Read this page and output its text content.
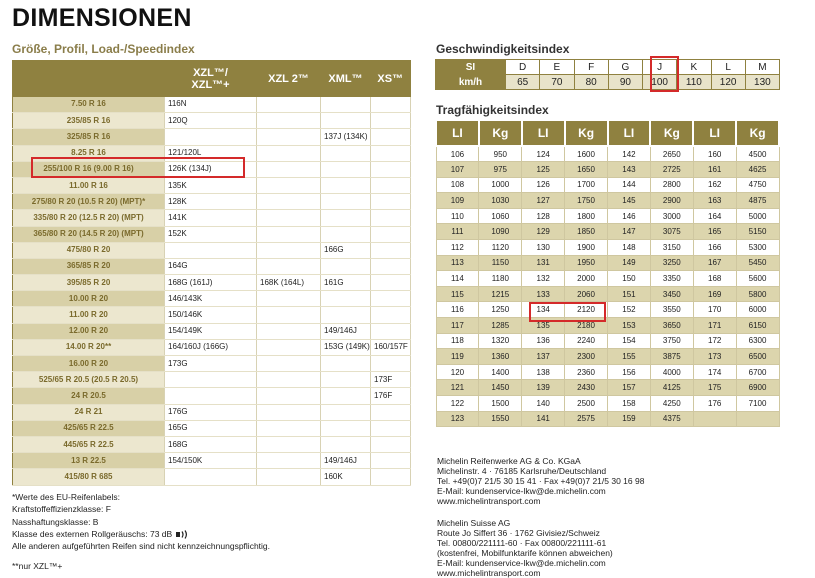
DIMENSIONEN
Größe, Profil, Load-/Speedindex
	XZL™/
XZL™+	XZL 2™	XML™	XS™
7.50 R 16	116N			
235/85 R 16	120Q			
325/85 R 16			137J (134K)	
8.25 R 16	121/120L			
255/100 R 16 (9.00 R 16)	126K (134J)			
11.00 R 16	135K			
275/80 R 20 (10.5 R 20) (MPT)*	128K			
335/80 R 20 (12.5 R 20) (MPT)	141K			
365/80 R 20 (14.5 R 20) (MPT)	152K			
475/80 R 20			166G	
365/85 R 20	164G			
395/85 R 20	168G (161J)	168K (164L)	161G	
10.00 R 20	146/143K			
11.00 R 20	150/146K			
12.00 R 20	154/149K		149/146J	
14.00 R 20**	164/160J (166G)		153G (149K)	160/157F
16.00 R 20	173G			
525/65 R 20.5 (20.5 R 20.5)				173F
24 R 20.5				176F
24 R 21	176G			
425/65 R 22.5	165G			
445/65 R 22.5	168G			
13 R 22.5	154/150K		149/146J	
415/80 R 685			160K	
*Werte des EU-Reifenlabels:
Kraftstoffeffizienzklasse: F
Nasshaftungsklasse: B
Klasse des externen Rollgeräuschs: 73 dB
Alle anderen aufgeführten Reifen sind nicht kennzeichnungspflichtig.
**nur XZL™+
Geschwindigkeitsindex
SI	D	E	F	G	J	K	L	M
km/h	65	70	80	90	100	110	120	130
Tragfähigkeitsindex
LI	Kg	LI	Kg	LI	Kg	LI	Kg
106	950	124	1600	142	2650	160	4500
107	975	125	1650	143	2725	161	4625
108	1000	126	1700	144	2800	162	4750
109	1030	127	1750	145	2900	163	4875
110	1060	128	1800	146	3000	164	5000
111	1090	129	1850	147	3075	165	5150
112	1120	130	1900	148	3150	166	5300
113	1150	131	1950	149	3250	167	5450
114	1180	132	2000	150	3350	168	5600
115	1215	133	2060	151	3450	169	5800
116	1250	134	2120	152	3550	170	6000
117	1285	135	2180	153	3650	171	6150
118	1320	136	2240	154	3750	172	6300
119	1360	137	2300	155	3875	173	6500
120	1400	138	2360	156	4000	174	6700
121	1450	139	2430	157	4125	175	6900
122	1500	140	2500	158	4250	176	7100
123	1550	141	2575	159	4375		
Michelin Reifenwerke AG & Co. KGaA
Michelinstr. 4 · 76185 Karlsruhe/Deutschland
Tel. +49(0)7 21/5 30 15 41 · Fax +49(0)7 21/5 30 16 98
E-Mail: kundenservice-lkw@de.michelin.com
www.michelintransport.com
Michelin Suisse AG
Route Jo Siffert 36 · 1762 Givisiez/Schweiz
Tel. 00800/221111-60 · Fax 00800/221111-61
(kostenfrei, Mobilfunktarife können abweichen)
E-Mail: kundenservice-lkw@de.michelin.com
www.michelintransport.com
